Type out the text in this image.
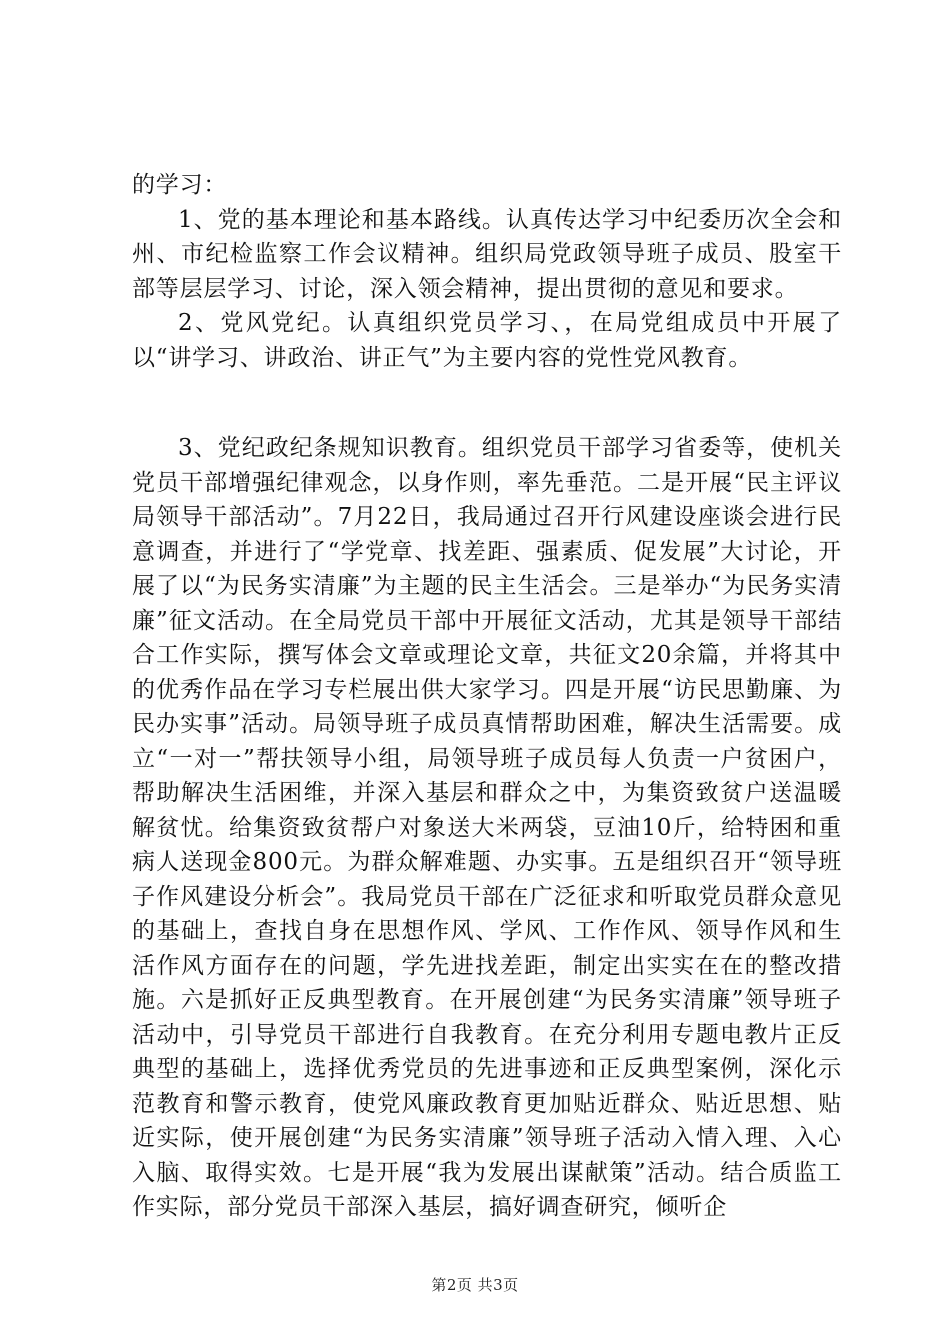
的学习：

1、党的基本理论和基本路线。认真传达学习中纪委历次全会和州、市纪检监察工作会议精神。组织局党政领导班子成员、股室干部等层层学习、讨论，深入领会精神，提出贯彻的意见和要求。

2、党风党纪。认真组织党员学习、，在局党组成员中开展了以“讲学习、讲政治、讲正气”为主要内容的党性党风教育。

3、党纪政纪条规知识教育。组织党员干部学习省委等，使机关党员干部增强纪律观念，以身作则，率先垂范。二是开展“民主评议局领导干部活动”。7月22日，我局通过召开行风建设座谈会进行民意调查，并进行了“学党章、找差距、强素质、促发展”大讨论，开展了以“为民务实清廉”为主题的民主生活会。三是举办“为民务实清廉”征文活动。在全局党员干部中开展征文活动，尤其是领导干部结合工作实际，撰写体会文章或理论文章，共征文20余篇，并将其中的优秀作品在学习专栏展出供大家学习。四是开展“访民思勤廉、为民办实事”活动。局领导班子成员真情帮助困难，解决生活需要。成立“一对一”帮扶领导小组，局领导班子成员每人负责一户贫困户，帮助解决生活困维，并深入基层和群众之中，为集资致贫户送温暖解贫忧。给集资致贫帮户对象送大米两袋，豆油10斤，给特困和重病人送现金800元。为群众解难题、办实事。五是组织召开“领导班子作风建设分析会”。我局党员干部在广泛征求和听取党员群众意见的基础上，查找自身在思想作风、学风、工作作风、领导作风和生活作风方面存在的问题，学先进找差距，制定出实实在在的整改措施。六是抓好正反典型教育。在开展创建“为民务实清廉”领导班子活动中，引导党员干部进行自我教育。在充分利用专题电教片正反典型的基础上，选择优秀党员的先进事迹和正反典型案例，深化示范教育和警示教育，使党风廉政教育更加贴近群众、贴近思想、贴近实际，使开展创建“为民务实清廉”领导班子活动入情入理、入心入脑、取得实效。七是开展“我为发展出谋献策”活动。结合质监工作实际，部分党员干部深入基层，搞好调查研究，倾听企

第2页 共3页
